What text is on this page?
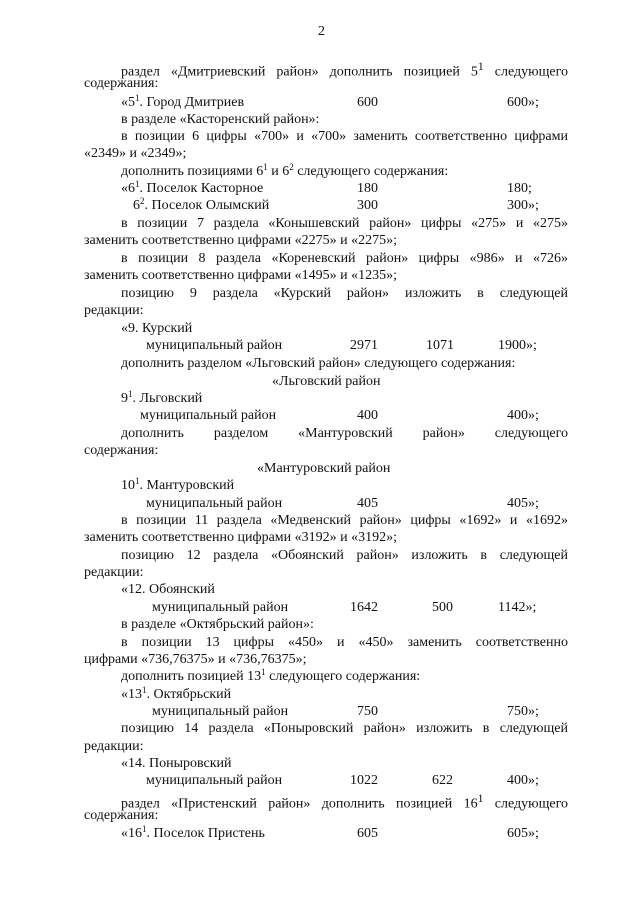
2
раздел «Дмитриевский район» дополнить позицией $5^1$ следующего
содержания:
«$5^1$. Город Дмитриев	600	600»;
в разделе «Касторенский район»:
в позиции 6 цифры «700» и «700» заменить соответственно цифрами
«2349» и «2349»;
дополнить позициями $6^1$ и $6^2$ следующего содержания:
«$6^1$. Поселок Касторное	180	180;
$6^2$. Поселок Олымский	300	300»;
в позиции 7 раздела «Конышевский район» цифры «275» и «275»
заменить соответственно цифрами «2275» и «2275»;
в позиции 8 раздела «Кореневский район» цифры «986» и «726»
заменить соответственно цифрами «1495» и «1235»;
позицию 9 раздела «Курский район» изложить в следующей
редакции:
«9. Курский
муниципальный район	2971	1071	1900»;
дополнить разделом «Льговский район» следующего содержания:
«Льговский район
$9^1$. Льговский
муниципальный район	400	400»;
дополнить разделом «Мантуровский район» следующего
содержания:
«Мантуровский район
$10^1$. Мантуровский
муниципальный район	405	405»;
в позиции 11 раздела «Медвенский район» цифры «1692» и «1692»
заменить соответственно цифрами «3192» и «3192»;
позицию 12 раздела «Обоянский район» изложить в следующей
редакции:
«12. Обоянский
муниципальный район	1642	500	1142»;
в разделе «Октябрьский район»:
в позиции 13 цифры «450» и «450» заменить соответственно
цифрами «736,76375» и «736,76375»;
дополнить позицией $13^1$ следующего содержания:
«$13^1$. Октябрьский
муниципальный район	750	750»;
позицию 14 раздела «Поныровский район» изложить в следующей
редакции:
«14. Поныровский
муниципальный район	1022	622	400»;
раздел «Пристенский район» дополнить позицией $16^1$ следующего
содержания:
«$16^1$. Поселок Пристень	605	605»;
